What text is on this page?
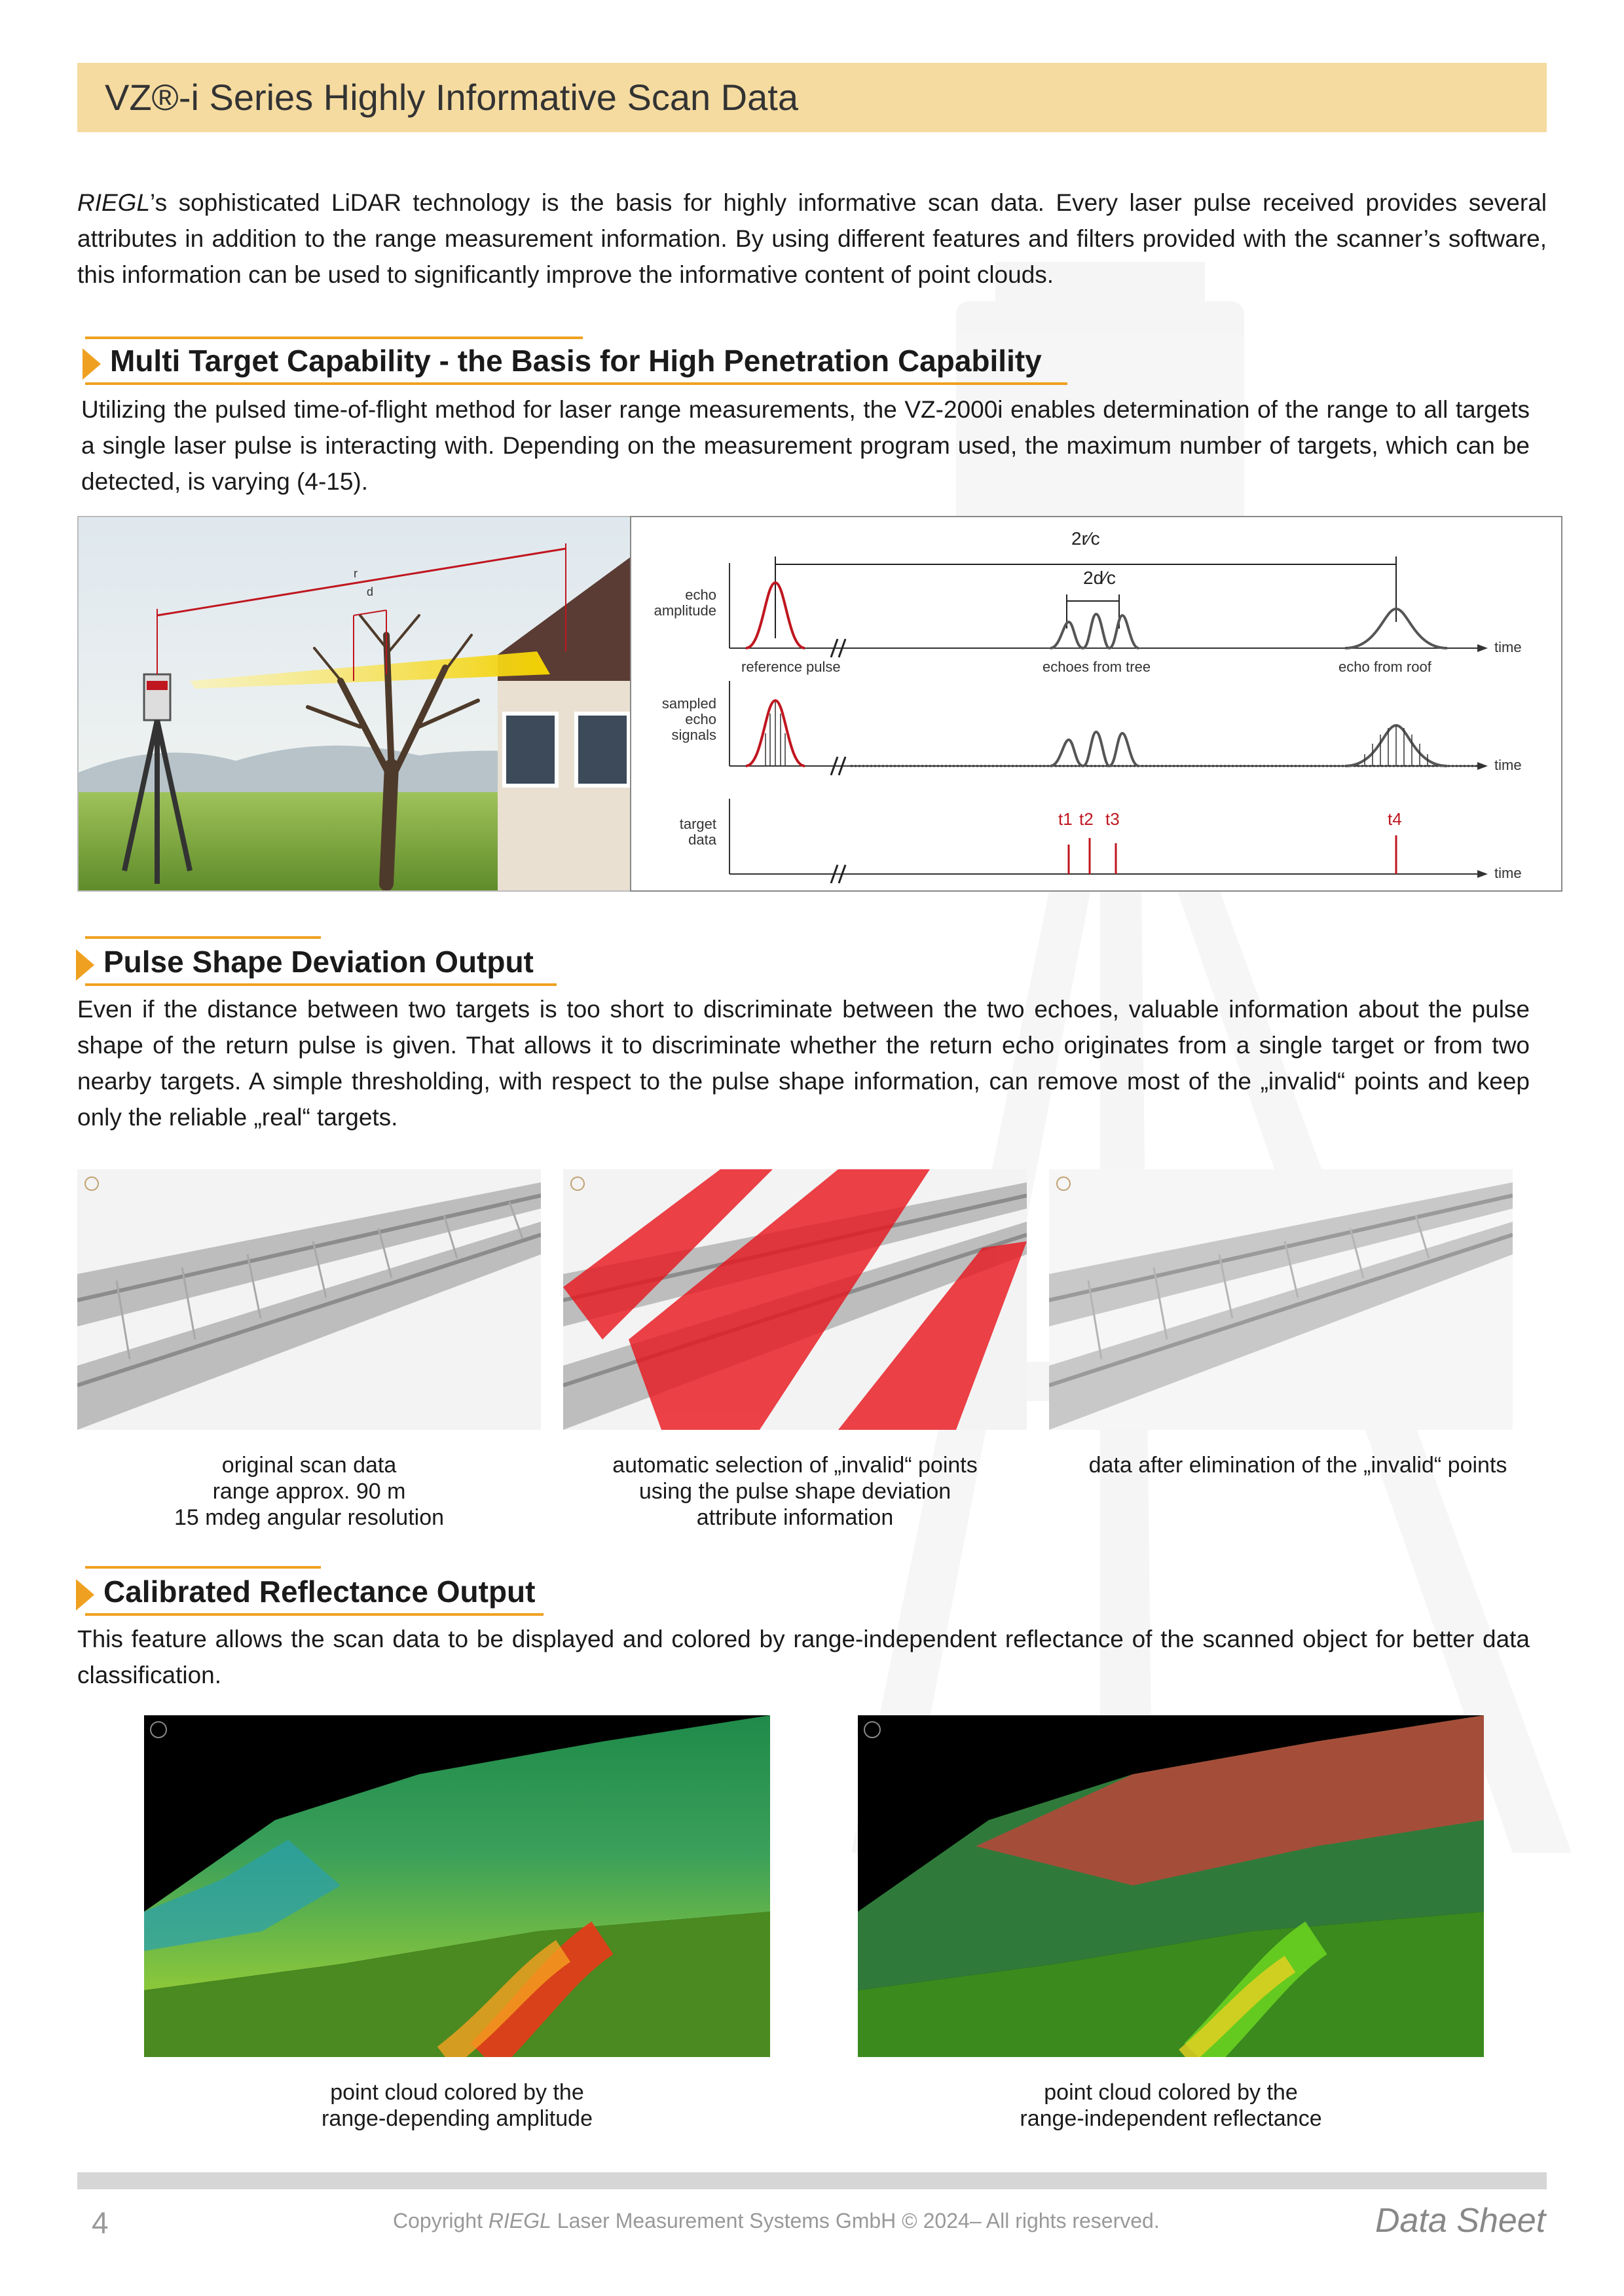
VZ®-i Series Highly Informative Scan Data
RIEGL’s sophisticated LiDAR technology is the basis for highly informative scan data. Every laser pulse received provides several attributes in addition to the range measurement information. By using different features and filters provided with the scanner’s software, this information can be used to significantly improve the informative content of point clouds.
Multi Target Capability - the Basis for High Penetration Capability
Utilizing the pulsed time-of-flight method for laser range measurements, the VZ-2000i enables determination of the range to all targets a single laser pulse is interacting with. Depending on the measurement program used, the maximum number of targets, which can be detected, is varying (4-15).
r
d
2r⁄c
2d⁄c
echo
amplitude
sampled
echo
signals
target
data
time
time
time
reference pulse	echoes from tree	echo from roof
t1 t2 t3	t4
Pulse Shape Deviation Output
Even if the distance between two targets is too short to discriminate between the two echoes, valuable information about the pulse shape of the return pulse is given. That allows it to discriminate whether the return echo originates from a single target or from two nearby targets. A simple thresholding, with respect to the pulse shape information, can remove most of the „invalid“ points and keep only the reliable „real“ targets.
original scan data
range approx. 90 m
15 mdeg angular resolution
automatic selection of „invalid“ points
using the pulse shape deviation
attribute information
data after elimination of the „invalid“ points
Calibrated Reflectance Output
This feature allows the scan data to be displayed and colored by range-independent reflectance of the scanned object for better data classification.
point cloud colored by the
range-depending amplitude
point cloud colored by the
range-independent reflectance
4	Copyright RIEGL Laser Measurement Systems GmbH © 2024– All rights reserved.	Data Sheet
